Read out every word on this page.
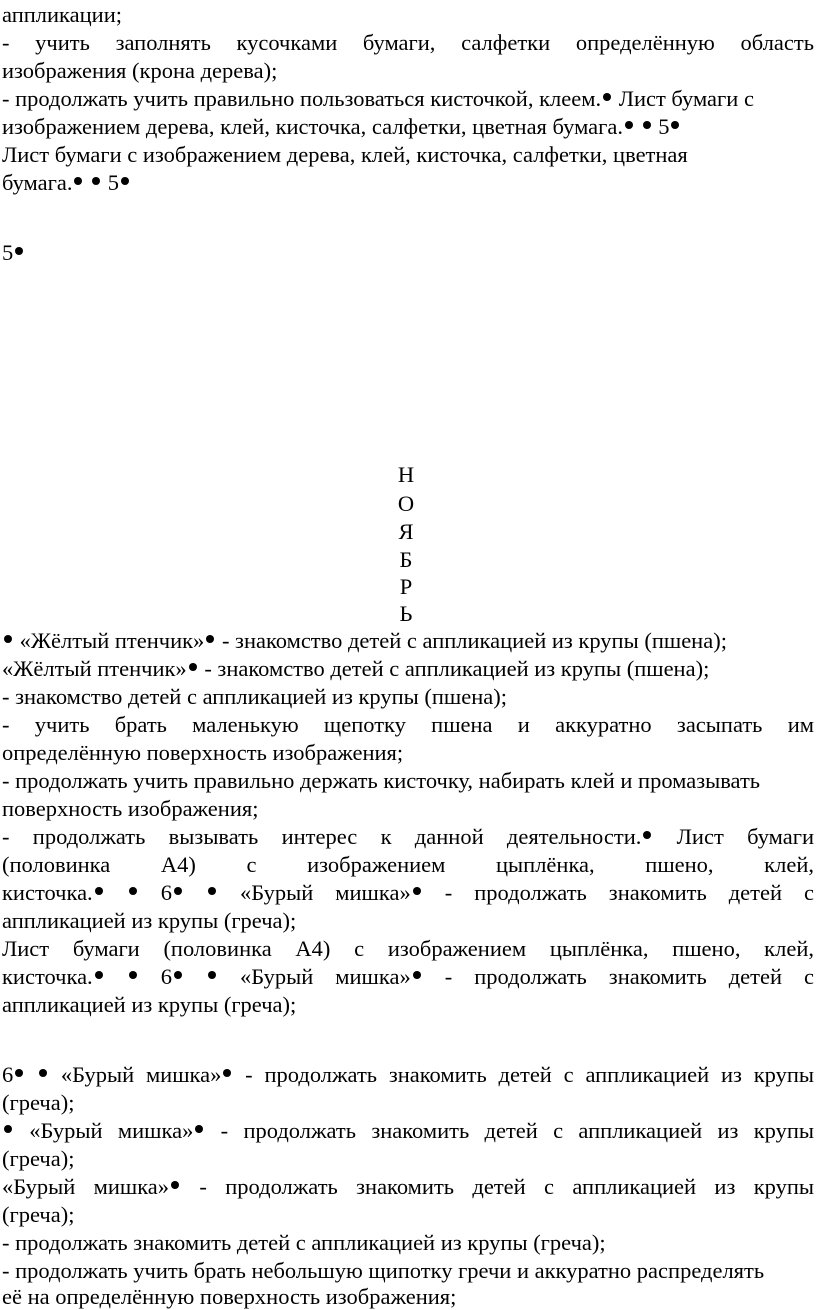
аппликации;

- учить заполнять кусочками бумаги, салфетки определённую область

изображения (крона дерева);

- продолжать учить правильно пользоваться кисточкой, клеем. Лист бумаги с

изображением дерева, клей, кисточка, салфетки, цветная бумага.  5

Лист бумаги с изображением дерева, клей, кисточка, салфетки, цветная

бумага.  5

5

Н
О
Я
Б
Р
Ь

«Жёлтый птенчик» - знакомство детей с аппликацией из крупы (пшена);

«Жёлтый птенчик» - знакомство детей с аппликацией из крупы (пшена);

- знакомство детей с аппликацией из крупы (пшена);

- учить брать маленькую щепотку пшена и аккуратно засыпать им

определённую поверхность изображения;

- продолжать учить правильно держать кисточку, набирать клей и промазывать

поверхность изображения;

- продолжать вызывать интерес к данной деятельности. Лист бумаги

(половинка А4) с изображением цыплёнка, пшено, клей,

кисточка.  6  «Бурый мишка» - продолжать знакомить детей с

аппликацией из крупы (греча);

Лист бумаги (половинка А4) с изображением цыплёнка, пшено, клей,

кисточка.  6  «Бурый мишка» - продолжать знакомить детей с

аппликацией из крупы (греча);

6  «Бурый мишка» - продолжать знакомить детей с аппликацией из крупы

(греча);

«Бурый мишка» - продолжать знакомить детей с аппликацией из крупы

(греча);

«Бурый мишка» - продолжать знакомить детей с аппликацией из крупы

(греча);

- продолжать знакомить детей с аппликацией из крупы (греча);

- продолжать учить брать небольшую щипотку гречи и аккуратно распределять

её на определённую поверхность изображения;
